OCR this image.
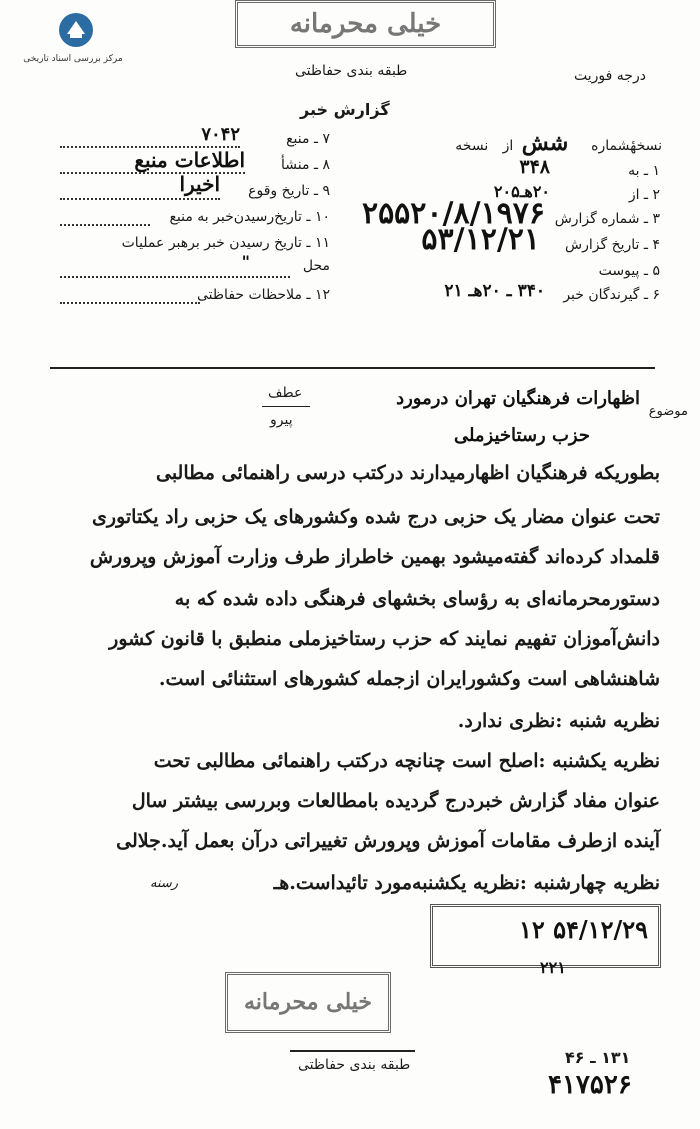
مرکز بررسی اسناد تاریخی
خیلی محرمانه
طبقه بندی حفاظتی	درجه فوریت
گزارش خبر
نسخهٔشماره  شش از نسخه
۱ ـ به
۳۴۸
۲ ـ از
۲۰هـ۲۰۵
۳ ـ شماره گزارش
۲۵۵۲۰/۸/۱۹۷۶
۴ ـ تاریخ گزارش
۵۳/۱۲/۲۱
۵ ـ پیوست
۶ ـ گیرندگان خبر
۳۴۰ ـ ۲۰هـ ۲۱
۷ ـ منبع
۷۰۴۲
۸ ـ منشأ
اطلاعات منبع
۹ ـ تاریخ وقوع
اخیرا
۱۰ ـ تاریخ‌رسیدن‌خبر به منبع
۱۱ ـ تاریخ رسیدن خبر برهبر عملیات
محل
"
۱۲ ـ ملاحظات حفاظتی
عطف
پیرو
موضوع
اظهارات فرهنگیان تهران درمورد
حزب رستاخیزملی
بطوریکه فرهنگیان اظهارمیدارند درکتب درسی راهنمائی مطالبی
تحت عنوان مضار یک حزبی درج شده وکشورهای یک حزبی راد یکتاتوری
قلمداد کرده‌اند گفته‌میشود بهمین خاطراز طرف وزارت آموزش وپرورش
دستورمحرمانه‌ای به رؤسای بخشهای فرهنگی داده شده که به
دانش‌آموزان تفهیم نمایند که حزب رستاخیزملی منطبق با قانون کشور
شاهنشاهی است وکشورایران ازجمله کشورهای استثنائی است.
نظریه شنبه :نظری ندارد.
نظریه یکشنبه :اصلح است چنانچه درکتب راهنمائی مطالبی تحت
عنوان مفاد گزارش خبردرج گردیده بامطالعات وبررسی بیشتر سال
آینده ازطرف مقامات آموزش وپرورش تغییراتی درآن بعمل آید.جلالی
نظریه چهارشنبه :نظریه یکشنبه‌مورد تائیداست.هـ
رسنه
۵۴/۱۲/۲۹ ۱۲
۲۲۱
خیلی محرمانه
طبقه بندی حفاظتی	۱۳۱ ـ ۴۶
۴۱۷۵۲۶
